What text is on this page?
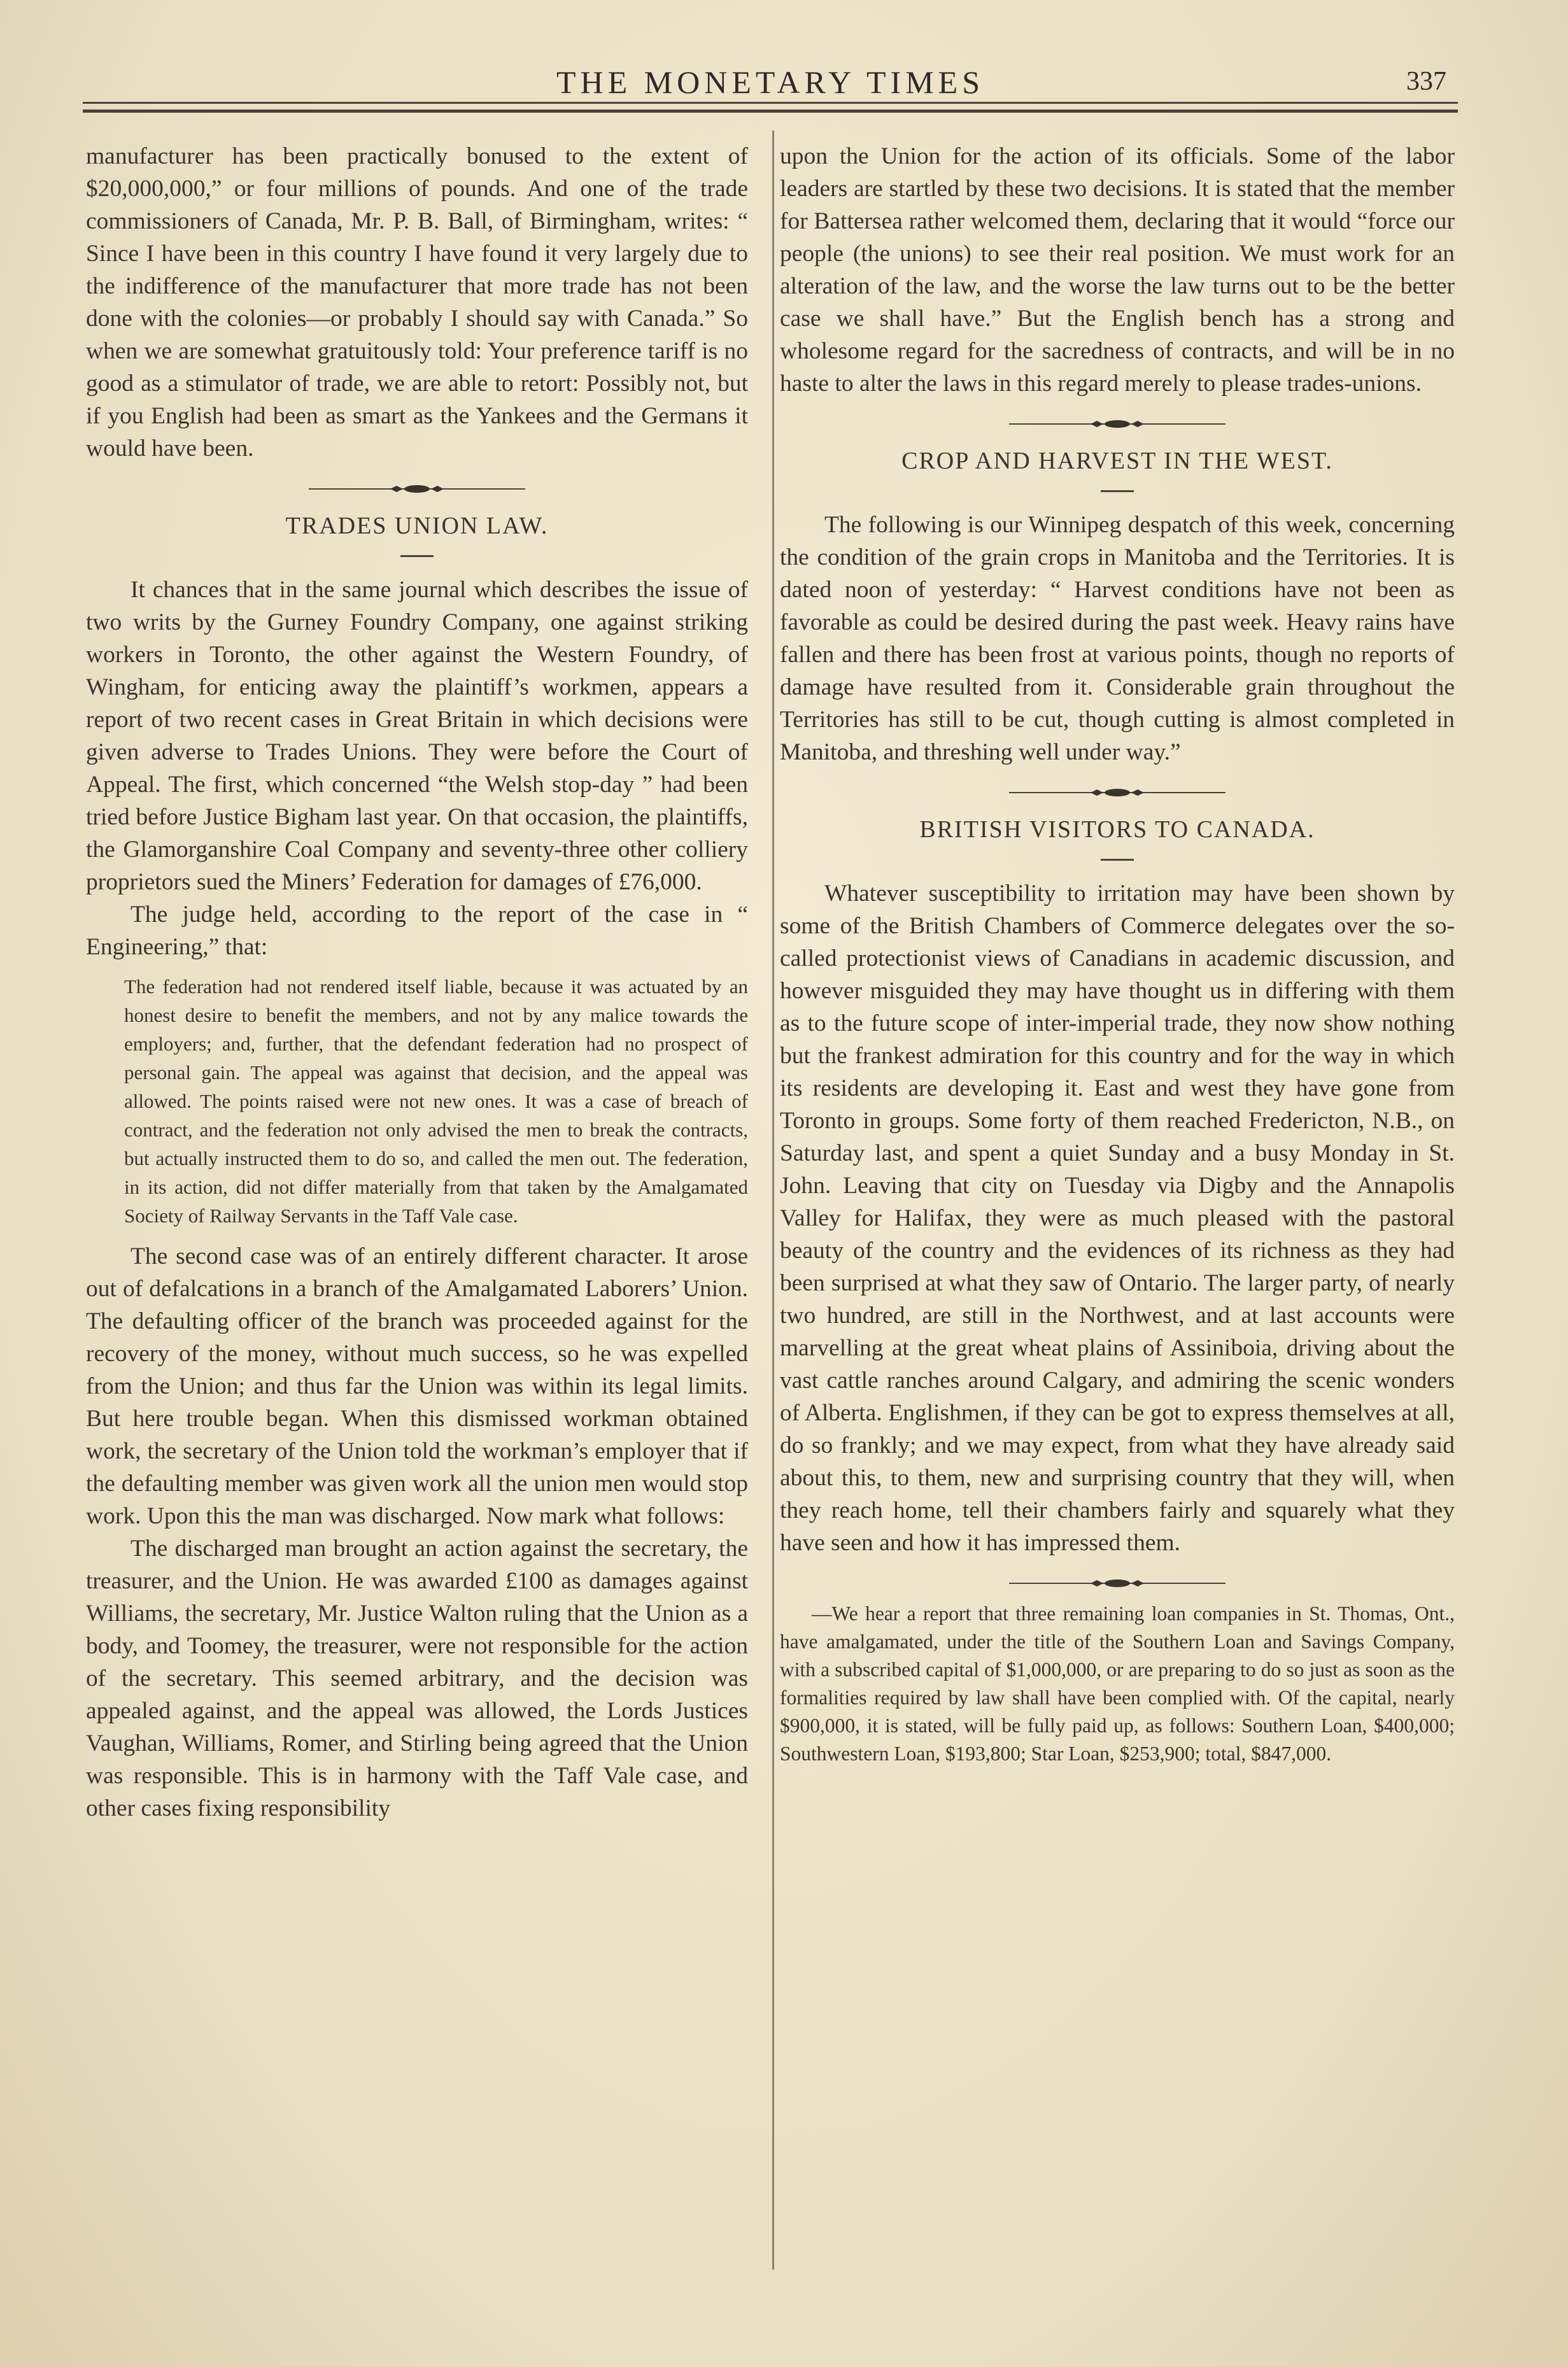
THE MONETARY TIMES	337

manufacturer has been practically bonused to the extent of $20,000,000,” or four millions of pounds. And one of the trade commissioners of Canada, Mr. P. B. Ball, of Birmingham, writes: “ Since I have been in this country I have found it very largely due to the indifference of the manufacturer that more trade has not been done with the colonies—or probably I should say with Canada.” So when we are somewhat gratuitously told: Your preference tariff is no good as a stimulator of trade, we are able to retort: Possibly not, but if you English had been as smart as the Yankees and the Germans it would have been.

TRADES UNION LAW.

It chances that in the same journal which describes the issue of two writs by the Gurney Foundry Company, one against striking workers in Toronto, the other against the Western Foundry, of Wingham, for enticing away the plaintiff’s workmen, appears a report of two recent cases in Great Britain in which decisions were given adverse to Trades Unions. They were before the Court of Appeal. The first, which concerned “the Welsh stop-day ” had been tried before Justice Bigham last year. On that occasion, the plaintiffs, the Glamorganshire Coal Company and seventy-three other colliery proprietors sued the Miners’ Federation for damages of £76,000.

The judge held, according to the report of the case in “ Engineering,” that:

The federation had not rendered itself liable, because it was actuated by an honest desire to benefit the members, and not by any malice towards the employers; and, further, that the defendant federation had no prospect of personal gain. The appeal was against that decision, and the appeal was allowed. The points raised were not new ones. It was a case of breach of contract, and the federation not only advised the men to break the contracts, but actually instructed them to do so, and called the men out. The federation, in its action, did not differ materially from that taken by the Amalgamated Society of Railway Servants in the Taff Vale case.

The second case was of an entirely different character. It arose out of defalcations in a branch of the Amalgamated Laborers’ Union. The defaulting officer of the branch was proceeded against for the recovery of the money, without much success, so he was expelled from the Union; and thus far the Union was within its legal limits. But here trouble began. When this dismissed workman obtained work, the secretary of the Union told the workman’s employer that if the defaulting member was given work all the union men would stop work. Upon this the man was discharged. Now mark what follows:

The discharged man brought an action against the secretary, the treasurer, and the Union. He was awarded £100 as damages against Williams, the secretary, Mr. Justice Walton ruling that the Union as a body, and Toomey, the treasurer, were not responsible for the action of the secretary. This seemed arbitrary, and the decision was appealed against, and the appeal was allowed, the Lords Justices Vaughan, Williams, Romer, and Stirling being agreed that the Union was responsible. This is in harmony with the Taff Vale case, and other cases fixing responsibility

upon the Union for the action of its officials. Some of the labor leaders are startled by these two decisions. It is stated that the member for Battersea rather welcomed them, declaring that it would “force our people (the unions) to see their real position. We must work for an alteration of the law, and the worse the law turns out to be the better case we shall have.” But the English bench has a strong and wholesome regard for the sacredness of contracts, and will be in no haste to alter the laws in this regard merely to please trades-unions.

CROP AND HARVEST IN THE WEST.

The following is our Winnipeg despatch of this week, concerning the condition of the grain crops in Manitoba and the Territories. It is dated noon of yesterday: “ Harvest conditions have not been as favorable as could be desired during the past week. Heavy rains have fallen and there has been frost at various points, though no reports of damage have resulted from it. Considerable grain throughout the Territories has still to be cut, though cutting is almost completed in Manitoba, and threshing well under way.”

BRITISH VISITORS TO CANADA.

Whatever susceptibility to irritation may have been shown by some of the British Chambers of Commerce delegates over the so-called protectionist views of Canadians in academic discussion, and however misguided they may have thought us in differing with them as to the future scope of inter-imperial trade, they now show nothing but the frankest admiration for this country and for the way in which its residents are developing it. East and west they have gone from Toronto in groups. Some forty of them reached Fredericton, N.B., on Saturday last, and spent a quiet Sunday and a busy Monday in St. John. Leaving that city on Tuesday via Digby and the Annapolis Valley for Halifax, they were as much pleased with the pastoral beauty of the country and the evidences of its richness as they had been surprised at what they saw of Ontario. The larger party, of nearly two hundred, are still in the Northwest, and at last accounts were marvelling at the great wheat plains of Assiniboia, driving about the vast cattle ranches around Calgary, and admiring the scenic wonders of Alberta. Englishmen, if they can be got to express themselves at all, do so frankly; and we may expect, from what they have already said about this, to them, new and surprising country that they will, when they reach home, tell their chambers fairly and squarely what they have seen and how it has impressed them.

—We hear a report that three remaining loan companies in St. Thomas, Ont., have amalgamated, under the title of the Southern Loan and Savings Company, with a subscribed capital of $1,000,000, or are preparing to do so just as soon as the formalities required by law shall have been complied with. Of the capital, nearly $900,000, it is stated, will be fully paid up, as follows: Southern Loan, $400,000; Southwestern Loan, $193,800; Star Loan, $253,900; total, $847,000.
